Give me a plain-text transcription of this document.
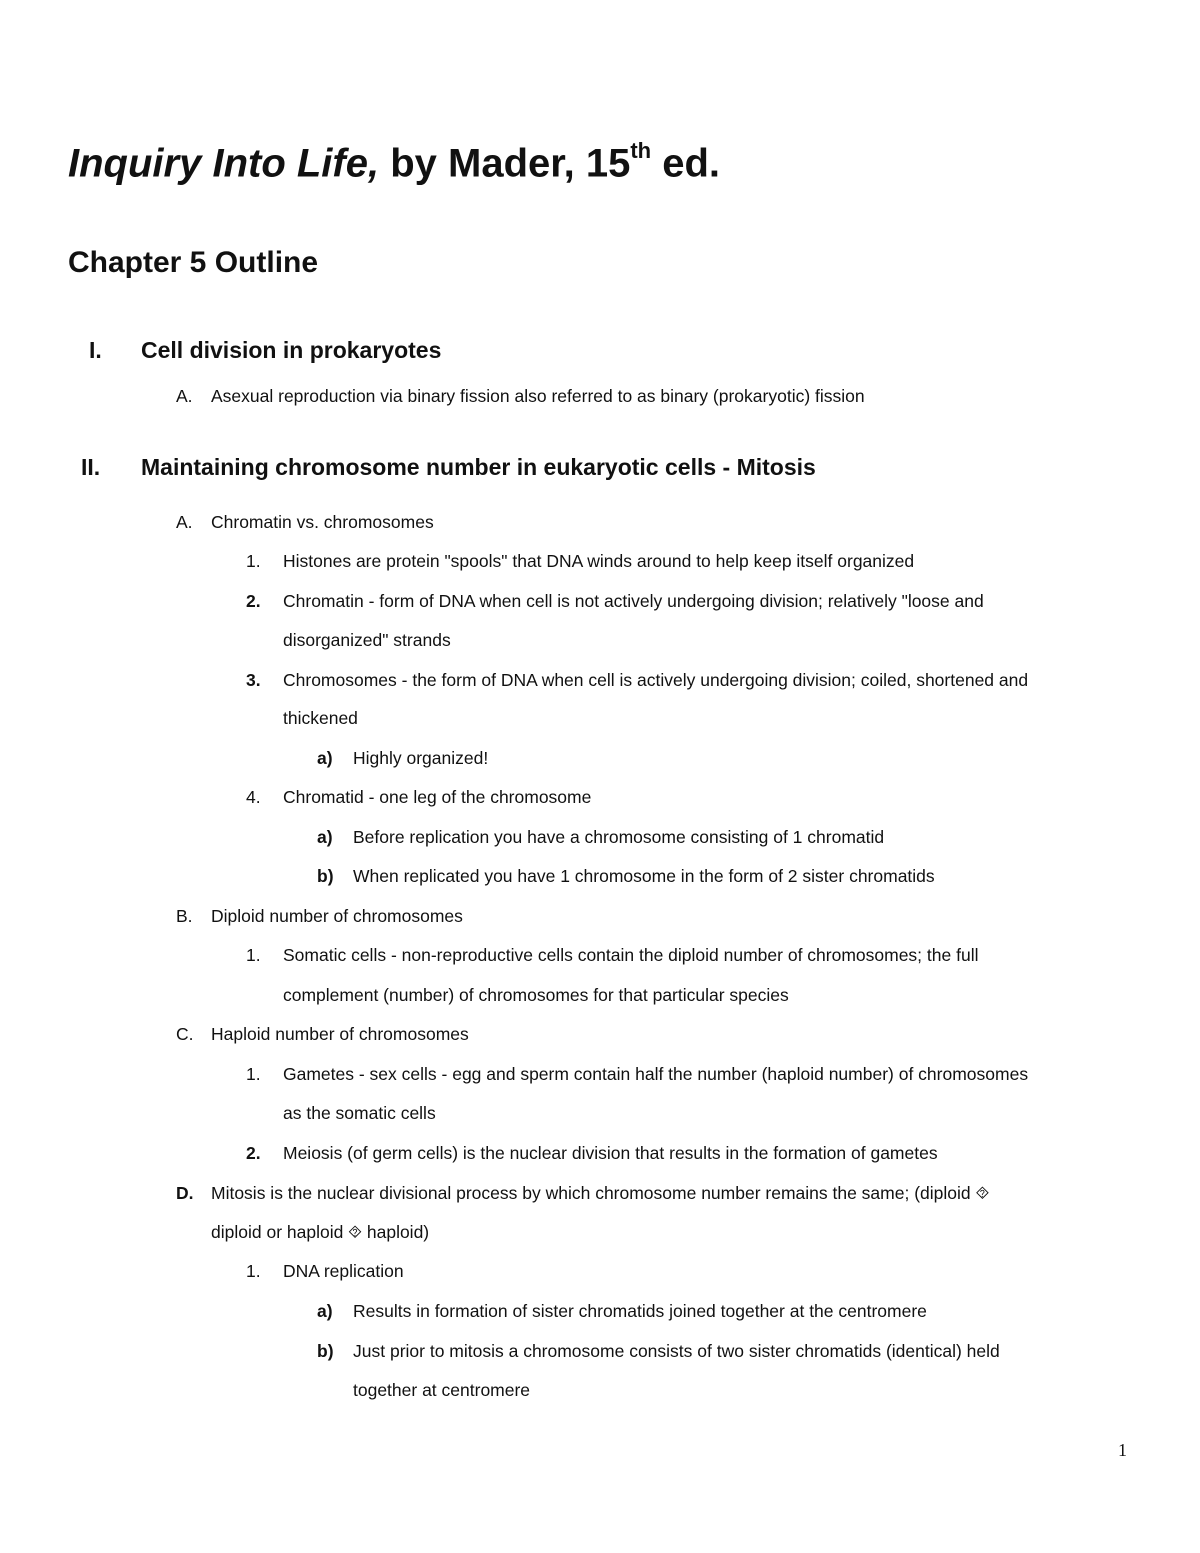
Inquiry Into Life, by Mader, 15th ed.
Chapter 5 Outline
I. Cell division in prokaryotes
A. Asexual reproduction via binary fission also referred to as binary (prokaryotic) fission
II. Maintaining chromosome number in eukaryotic cells - Mitosis
A. Chromatin vs. chromosomes
1. Histones are protein "spools" that DNA winds around to help keep itself organized
2. Chromatin - form of DNA when cell is not actively undergoing division; relatively "loose and
disorganized" strands
3. Chromosomes - the form of DNA when cell is actively undergoing division; coiled, shortened and
thickened
a) Highly organized!
4. Chromatid - one leg of the chromosome
a) Before replication you have a chromosome consisting of 1 chromatid
b) When replicated you have 1 chromosome in the form of 2 sister chromatids
B. Diploid number of chromosomes
1. Somatic cells - non-reproductive cells contain the diploid number of chromosomes; the full
complement (number) of chromosomes for that particular species
C. Haploid number of chromosomes
1. Gametes - sex cells - egg and sperm contain half the number (haploid number) of chromosomes
as the somatic cells
2. Meiosis (of germ cells) is the nuclear division that results in the formation of gametes
D. Mitosis is the nuclear divisional process by which chromosome number remains the same; (diploid ⯑
diploid or haploid ⯑ haploid)
1. DNA replication
a) Results in formation of sister chromatids joined together at the centromere
b) Just prior to mitosis a chromosome consists of two sister chromatids (identical) held
together at centromere
1
